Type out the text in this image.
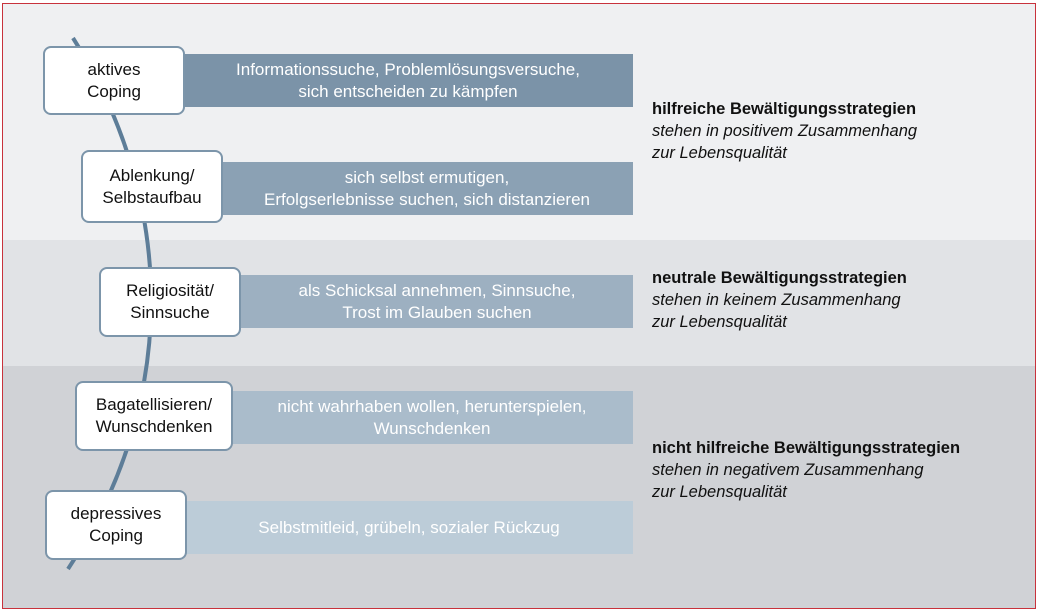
Informationssuche, Problemlösungsversuche,
sich entscheiden zu kämpfen
sich selbst ermutigen,
Erfolgserlebnisse suchen, sich distanzieren
als Schicksal annehmen, Sinnsuche,
Trost im Glauben suchen
nicht wahrhaben wollen, herunterspielen,
Wunschdenken
Selbstmitleid, grübeln, sozialer Rückzug
aktives
Coping
Ablenkung/
Selbstaufbau
Religiosität/
Sinnsuche
Bagatellisieren/
Wunschdenken
depressives
Coping
hilfreiche Bewältigungsstrategien
stehen in positivem Zusammenhang
zur Lebensqualität
neutrale Bewältigungsstrategien
stehen in keinem Zusammenhang
zur Lebensqualität
nicht hilfreiche Bewältigungsstrategien
stehen in negativem Zusammenhang
zur Lebensqualität
